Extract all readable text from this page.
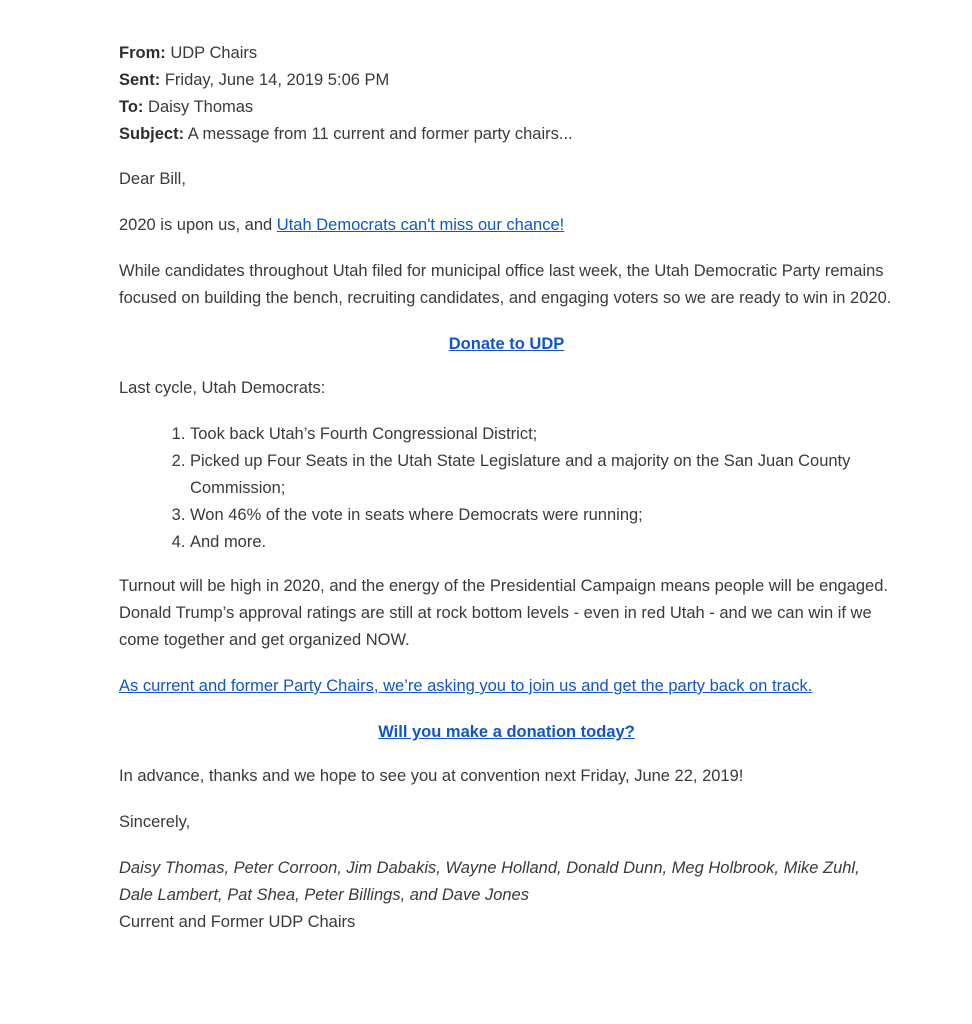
From: UDP Chairs

Sent: Friday, June 14, 2019 5:06 PM

To: Daisy Thomas

Subject: A message from 11 current and former party chairs...

Dear Bill,

2020 is upon us, and Utah Democrats can't miss our chance!

While candidates throughout Utah filed for municipal office last week, the Utah Democratic Party remains focused on building the bench, recruiting candidates, and engaging voters so we are ready to win in 2020.

Donate to UDP

Last cycle, Utah Democrats:

1. Took back Utah’s Fourth Congressional District;
2. Picked up Four Seats in the Utah State Legislature and a majority on the San Juan County Commission;
3. Won 46% of the vote in seats where Democrats were running;
4. And more.

Turnout will be high in 2020, and the energy of the Presidential Campaign means people will be engaged. Donald Trump’s approval ratings are still at rock bottom levels - even in red Utah - and we can win if we come together and get organized NOW.

As current and former Party Chairs, we’re asking you to join us and get the party back on track.

Will you make a donation today?

In advance, thanks and we hope to see you at convention next Friday, June 22, 2019!

Sincerely,

Daisy Thomas, Peter Corroon, Jim Dabakis, Wayne Holland, Donald Dunn, Meg Holbrook, Mike Zuhl, Dale Lambert, Pat Shea, Peter Billings, and Dave Jones

Current and Former UDP Chairs
